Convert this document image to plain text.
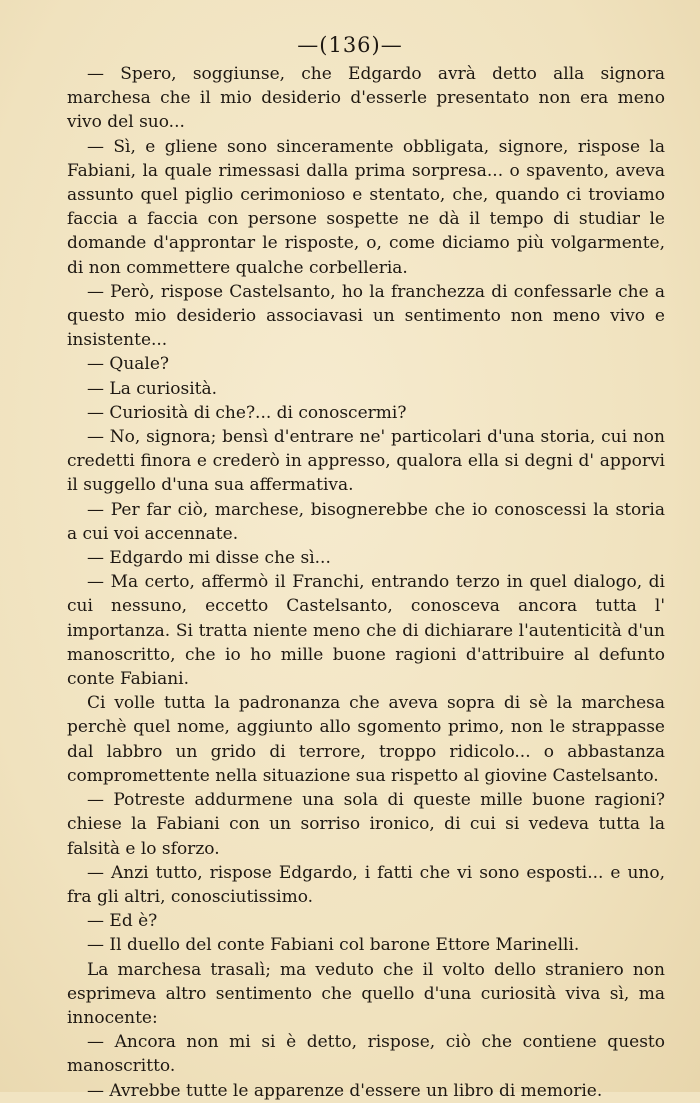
—(136)—

— Spero, soggiunse, che Edgardo avrà detto alla signora marchesa che il mio desiderio d'esserle presentato non era meno vivo del suo...

— Sì, e gliene sono sinceramente obbligata, signore, rispose la Fabiani, la quale rimessasi dalla prima sorpresa... o spavento, aveva assunto quel piglio cerimonioso e stentato, che, quando ci troviamo faccia a faccia con persone sospette ne dà il tempo di studiar le domande d'approntar le risposte, o, come diciamo più volgarmente, di non commettere qualche corbelleria.

— Però, rispose Castelsanto, ho la franchezza di confessarle che a questo mio desiderio associavasi un sentimento non meno vivo e insistente...

— Quale?

— La curiosità.

— Curiosità di che?... di conoscermi?

— No, signora; bensì d'entrare ne' particolari d'una storia, cui non credetti finora e crederò in appresso, qualora ella si degni d' apporvi il suggello d'una sua affermativa.

— Per far ciò, marchese, bisognerebbe che io conoscessi la storia a cui voi accennate.

— Edgardo mi disse che sì...

— Ma certo, affermò il Franchi, entrando terzo in quel dialogo, di cui nessuno, eccetto Castelsanto, conosceva ancora tutta l' importanza. Si tratta niente meno che di dichiarare l'autenticità d'un manoscritto, che io ho mille buone ragioni d'attribuire al defunto conte Fabiani.

Ci volle tutta la padronanza che aveva sopra di sè la marchesa perchè quel nome, aggiunto allo sgomento primo, non le strappasse dal labbro un grido di terrore, troppo ridicolo... o abbastanza compromettente nella situazione sua rispetto al giovine Castelsanto.

— Potreste addurmene una sola di queste mille buone ragioni? chiese la Fabiani con un sorriso ironico, di cui si vedeva tutta la falsità e lo sforzo.

— Anzi tutto, rispose Edgardo, i fatti che vi sono esposti... e uno, fra gli altri, conosciutissimo.

— Ed è?

— Il duello del conte Fabiani col barone Ettore Marinelli.

La marchesa trasalì; ma veduto che il volto dello straniero non esprimeva altro sentimento che quello d'una curiosità viva sì, ma innocente:

— Ancora non mi si è detto, rispose, ciò che contiene questo manoscritto.

— Avrebbe tutte le apparenze d'essere un libro di memorie.
